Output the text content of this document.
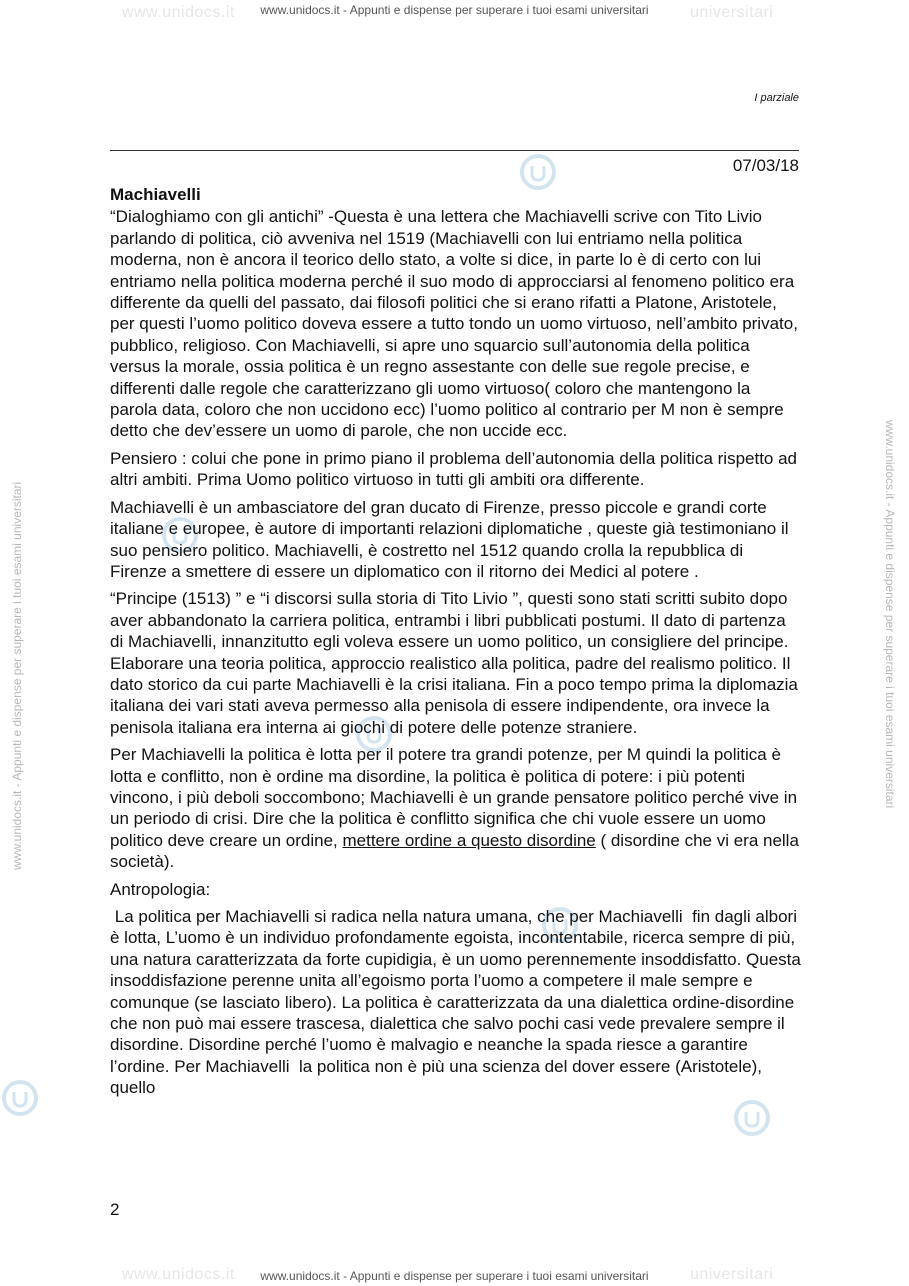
www.unidocs.it	universitari
www.unidocs.it	universitari
www.unidocs.it - Appunti e dispense per superare i tuoi esami universitari
www.unidocs.it - Appunti e dispense per superare i tuoi esami universitari
www.unidocs.it - Appunti e dispense per superare i tuoi esami universitari	www.unidocs.it - Appunti e dispense per superare i tuoi esami universitari
I parziale
07/03/18
Machiavelli

“Dialoghiamo con gli antichi” -Questa è una lettera che Machiavelli scrive con Tito Livio parlando di politica, ciò avveniva nel 1519 (Machiavelli con lui entriamo nella politica moderna, non è ancora il teorico dello stato, a volte si dice, in parte lo è di certo con lui entriamo nella politica moderna perché il suo modo di approcciarsi al fenomeno politico era differente da quelli del passato, dai filosofi politici che si erano rifatti a Platone, Aristotele, per questi l’uomo politico doveva essere a tutto tondo un uomo virtuoso, nell’ambito privato, pubblico, religioso. Con Machiavelli, si apre uno squarcio sull’autonomia della politica versus la morale, ossia politica è un regno assestante con delle sue regole precise, e differenti dalle regole che caratterizzano gli uomo virtuoso( coloro che mantengono la parola data, coloro che non uccidono ecc) l’uomo politico al contrario per M non è sempre detto che dev’essere un uomo di parole, che non uccide ecc.

Pensiero : colui che pone in primo piano il problema dell’autonomia della politica rispetto ad altri ambiti. Prima Uomo politico virtuoso in tutti gli ambiti ora differente.

Machiavelli è un ambasciatore del gran ducato di Firenze, presso piccole e grandi corte italiane e europee, è autore di importanti relazioni diplomatiche , queste già testimoniano il suo pensiero politico. Machiavelli, è costretto nel 1512 quando crolla la repubblica di Firenze a smettere di essere un diplomatico con il ritorno dei Medici al potere .

“Principe (1513) ” e “i discorsi sulla storia di Tito Livio ”, questi sono stati scritti subito dopo aver abbandonato la carriera politica, entrambi i libri pubblicati postumi. Il dato di partenza di Machiavelli, innanzitutto egli voleva essere un uomo politico, un consigliere del principe. Elaborare una teoria politica, approccio realistico alla politica, padre del realismo politico. Il dato storico da cui parte Machiavelli è la crisi italiana. Fin a poco tempo prima la diplomazia italiana dei vari stati aveva permesso alla penisola di essere indipendente, ora invece la penisola italiana era interna ai giochi di potere delle potenze straniere.

Per Machiavelli la politica è lotta per il potere tra grandi potenze, per M quindi la politica è lotta e conflitto, non è ordine ma disordine, la politica è politica di potere: i più potenti vincono, i più deboli soccombono; Machiavelli è un grande pensatore politico perché vive in un periodo di crisi. Dire che la politica è conflitto significa che chi vuole essere un uomo politico deve creare un ordine, mettere ordine a questo disordine ( disordine che vi era nella società).

Antropologia:

La politica per Machiavelli si radica nella natura umana, che per Machiavelli  fin dagli albori è lotta, L’uomo è un individuo profondamente egoista, incontentabile, ricerca sempre di più, una natura caratterizzata da forte cupidigia, è un uomo perennemente insoddisfatto. Questa insoddisfazione perenne unita all’egoismo porta l’uomo a competere il male sempre e comunque (se lasciato libero). La politica è caratterizzata da una dialettica ordine-disordine che non può mai essere trascesa, dialettica che salvo pochi casi vede prevalere sempre il disordine. Disordine perché l’uomo è malvagio e neanche la spada riesce a garantire l’ordine. Per Machiavelli  la politica non è più una scienza del dover essere (Aristotele), quello

2
